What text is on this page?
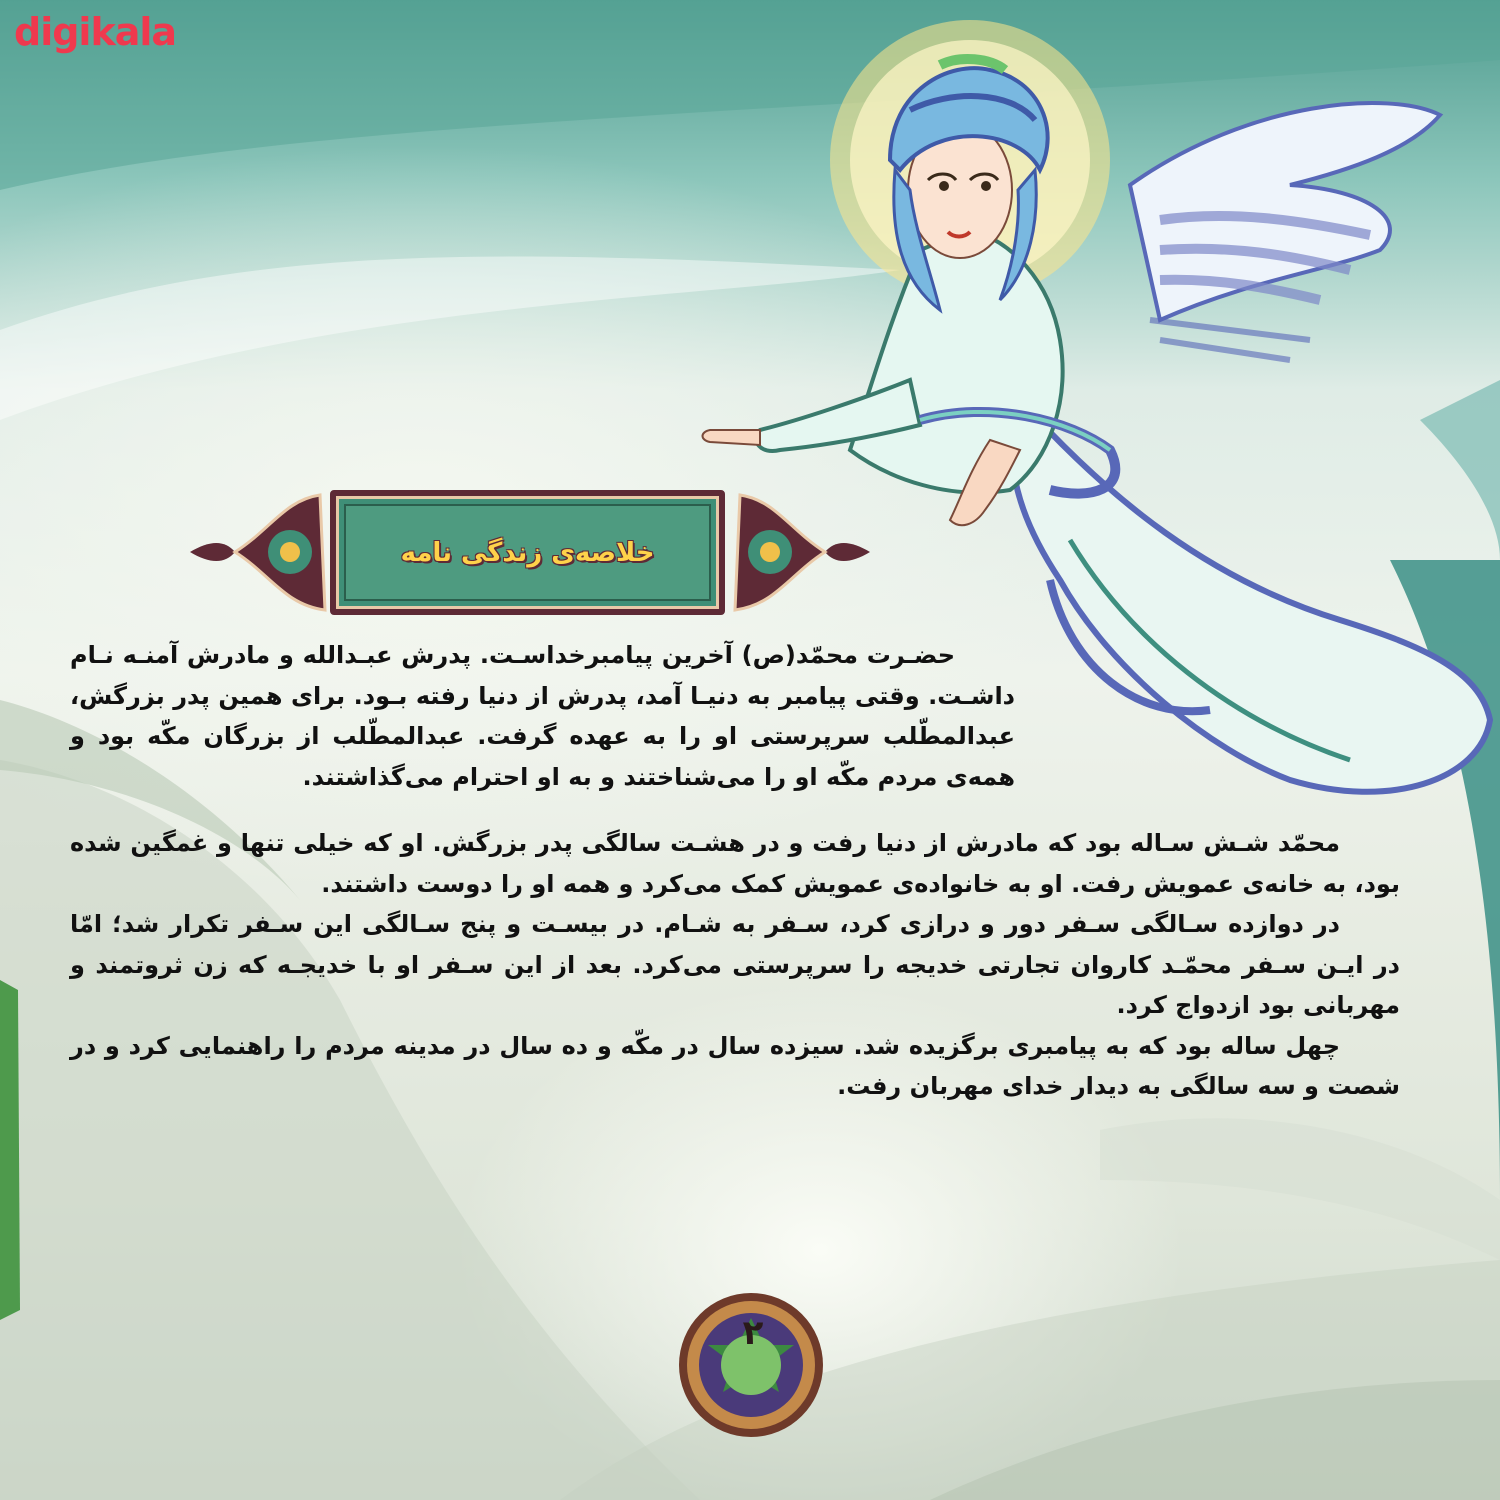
digikala
خلاصه‌ی زندگی نامه

حضـرت محمّد(ص) آخرین پیامبرخداسـت. پدرش عبـدالله و مادرش آمنـه نـام داشـت. وقتی پیامبر به دنیـا آمد، پدرش از دنیا رفته بـود. برای همین پدر بزرگش، عبدالمطّلب سرپرستی او را به عهده گرفت. عبدالمطّلب از بزرگان مکّه بود و همه‌ی مردم مکّه او را می‌شناختند و به او احترام می‌گذاشتند.

محمّد شـش سـاله بود که مادرش از دنیا رفت و در هشـت سالگی پدر بزرگش. او که خیلی تنها و غمگین شده بود، به خانه‌ی عمویش رفت. او به خانواده‌ی عمویش کمک می‌کرد و همه او را دوست داشتند.

در دوازده سـالگی سـفر دور و درازی کرد، سـفر به شـام. در بیسـت و پنج سـالگی این سـفر تکرار شد؛ امّا در ایـن سـفر محمّـد کاروان تجارتی خدیجه را سرپرستی می‌کرد. بعد از این سـفر او با خدیجـه که زن ثروتمند و مهربانی بود ازدواج کرد.

چهل ساله بود که به پیامبری برگزیده شد. سیزده سال در مکّه و ده سال در مدینه مردم را راهنمایی کرد و در شصت و سه سالگی به دیدار خدای مهربان رفت.

۲
